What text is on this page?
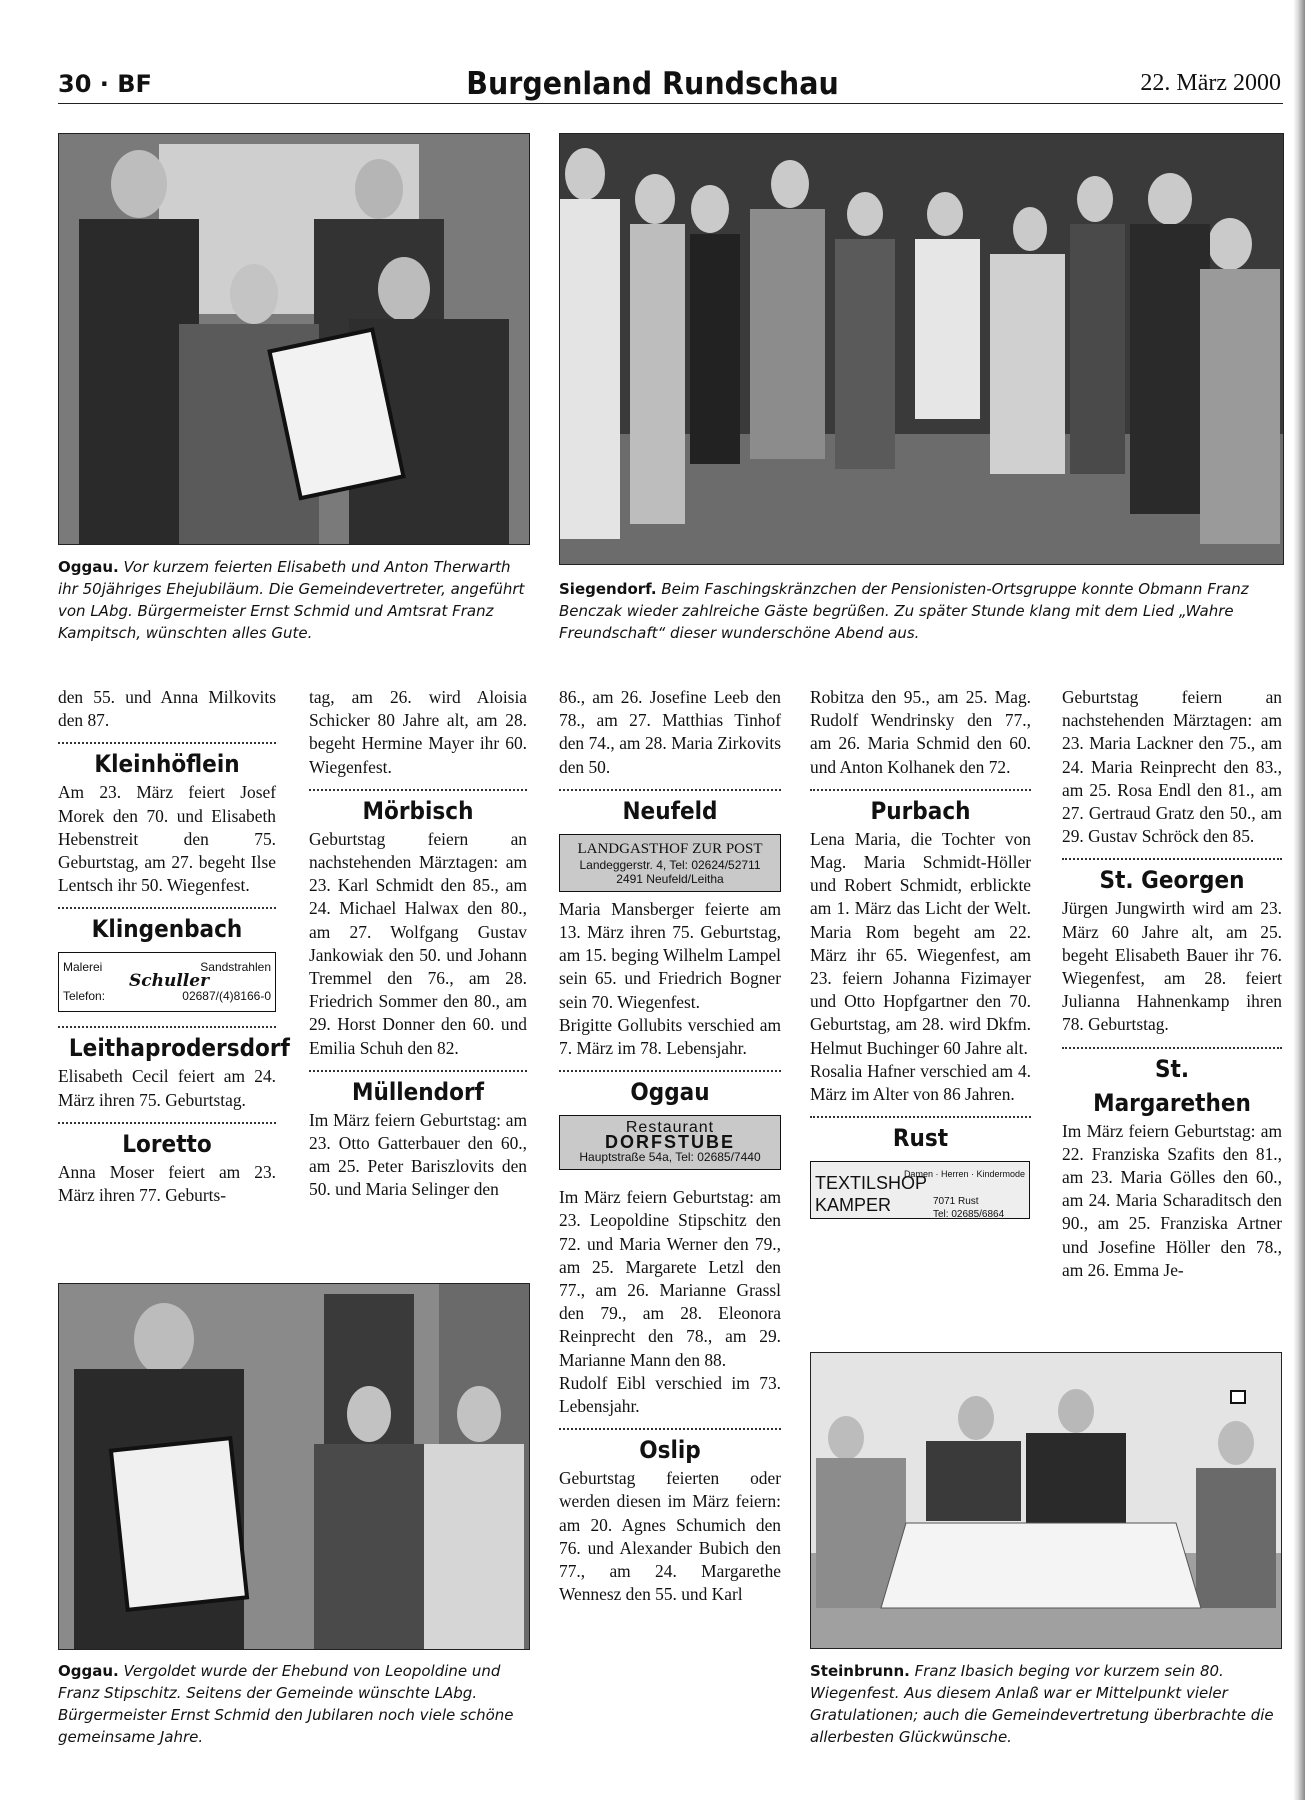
30 · BF	Burgenland Rundschau	22. März 2000
Oggau. Vor kurzem feierten Elisabeth und Anton Therwarth ihr 50jähriges Ehejubiläum. Die Gemeindevertreter, angeführt von LAbg. Bürgermeister Ernst Schmid und Amtsrat Franz Kampitsch, wünschten alles Gute.
Siegendorf. Beim Faschingskränzchen der Pensionisten-Ortsgruppe konnte Obmann Franz Benczak wieder zahlreiche Gäste begrüßen. Zu später Stunde klang mit dem Lied „Wahre Freundschaft“ dieser wunderschöne Abend aus.

den 55. und Anna Milkovits den 87.

Kleinhöflein

Am 23. März feiert Josef Morek den 70. und Elisabeth Hebenstreit den 75. Geburtstag, am 27. begeht Ilse Lentsch ihr 50. Wiegenfest.

Klingenbach
Malerei	Sandstrahlen
Schuller
Telefon:	02687/(4)8166-0
Leithaprodersdorf

Elisabeth Cecil feiert am 24. März ihren 75. Geburtstag.

Loretto

Anna Moser feiert am 23. März ihren 77. Geburts-

tag, am 26. wird Aloisia Schicker 80 Jahre alt, am 28. begeht Hermine Mayer ihr 60. Wiegenfest.

Mörbisch

Geburtstag feiern an nachstehenden Märztagen: am 23. Karl Schmidt den 85., am 24. Michael Halwax den 80., am 27. Wolfgang Gustav Jankowiak den 50. und Johann Tremmel den 76., am 28. Friedrich Sommer den 80., am 29. Horst Donner den 60. und Emilia Schuh den 82.

Müllendorf

Im März feiern Geburtstag: am 23. Otto Gatterbauer den 60., am 25. Peter Bariszlovits den 50. und Maria Selinger den

86., am 26. Josefine Leeb den 78., am 27. Matthias Tinhof den 74., am 28. Maria Zirkovits den 50.

Neufeld
LANDGASTHOF ZUR POST
Landeggerstr. 4, Tel: 02624/52711
2491 Neufeld/Leitha

Maria Mansberger feierte am 13. März ihren 75. Geburtstag, am 15. beging Wilhelm Lampel sein 65. und Friedrich Bogner sein 70. Wiegenfest.

Brigitte Gollubits verschied am 7. März im 78. Lebensjahr.

Oggau
Restaurant
DORFSTUBE
Hauptstraße 54a, Tel: 02685/7440

Im März feiern Geburtstag: am 23. Leopoldine Stipschitz den 72. und Maria Werner den 79., am 25. Margarete Letzl den 77., am 26. Marianne Grassl den 79., am 28. Eleonora Reinprecht den 78., am 29. Marianne Mann den 88.

Rudolf Eibl verschied im 73. Lebensjahr.

Oslip

Geburtstag feierten oder werden diesen im März feiern: am 20. Agnes Schumich den 76. und Alexander Bubich den 77., am 24. Margarethe Wennesz den 55. und Karl

Robitza den 95., am 25. Mag. Rudolf Wendrinsky den 77., am 26. Maria Schmid den 60. und Anton Kolhanek den 72.

Purbach

Lena Maria, die Tochter von Mag. Maria Schmidt-Höller und Robert Schmidt, erblickte am 1. März das Licht der Welt. Maria Rom begeht am 22. März ihr 65. Wiegenfest, am 23. feiern Johanna Fizimayer und Otto Hopfgartner den 70. Geburtstag, am 28. wird Dkfm. Helmut Buchinger 60 Jahre alt.

Rosalia Hafner verschied am 4. März im Alter von 86 Jahren.

Rust
Damen · Herren · Kindermode
TEXTILSHOP
KAMPER	7071 Rust
Tel: 02685/6864

Geburtstag feiern an nachstehenden Märztagen: am 23. Maria Lackner den 75., am 24. Maria Reinprecht den 83., am 25. Rosa Endl den 81., am 27. Gertraud Gratz den 50., am 29. Gustav Schröck den 85.

St. Georgen

Jürgen Jungwirth wird am 23. März 60 Jahre alt, am 25. begeht Elisabeth Bauer ihr 76. Wiegenfest, am 28. feiert Julianna Hahnenkamp ihren 78. Geburtstag.

St. Margarethen

Im März feiern Geburtstag: am 22. Franziska Szafits den 81., am 23. Maria Gölles den 60., am 24. Maria Scharaditsch den 90., am 25. Franziska Artner und Josefine Höller den 78., am 26. Emma Je-

Oggau. Vergoldet wurde der Ehebund von Leopoldine und Franz Stipschitz. Seitens der Gemeinde wünschte LAbg. Bürgermeister Ernst Schmid den Jubilaren noch viele schöne gemeinsame Jahre.
Steinbrunn. Franz Ibasich beging vor kurzem sein 80. Wiegenfest. Aus diesem Anlaß war er Mittelpunkt vieler Gratulationen; auch die Gemeindevertretung überbrachte die allerbesten Glückwünsche.
